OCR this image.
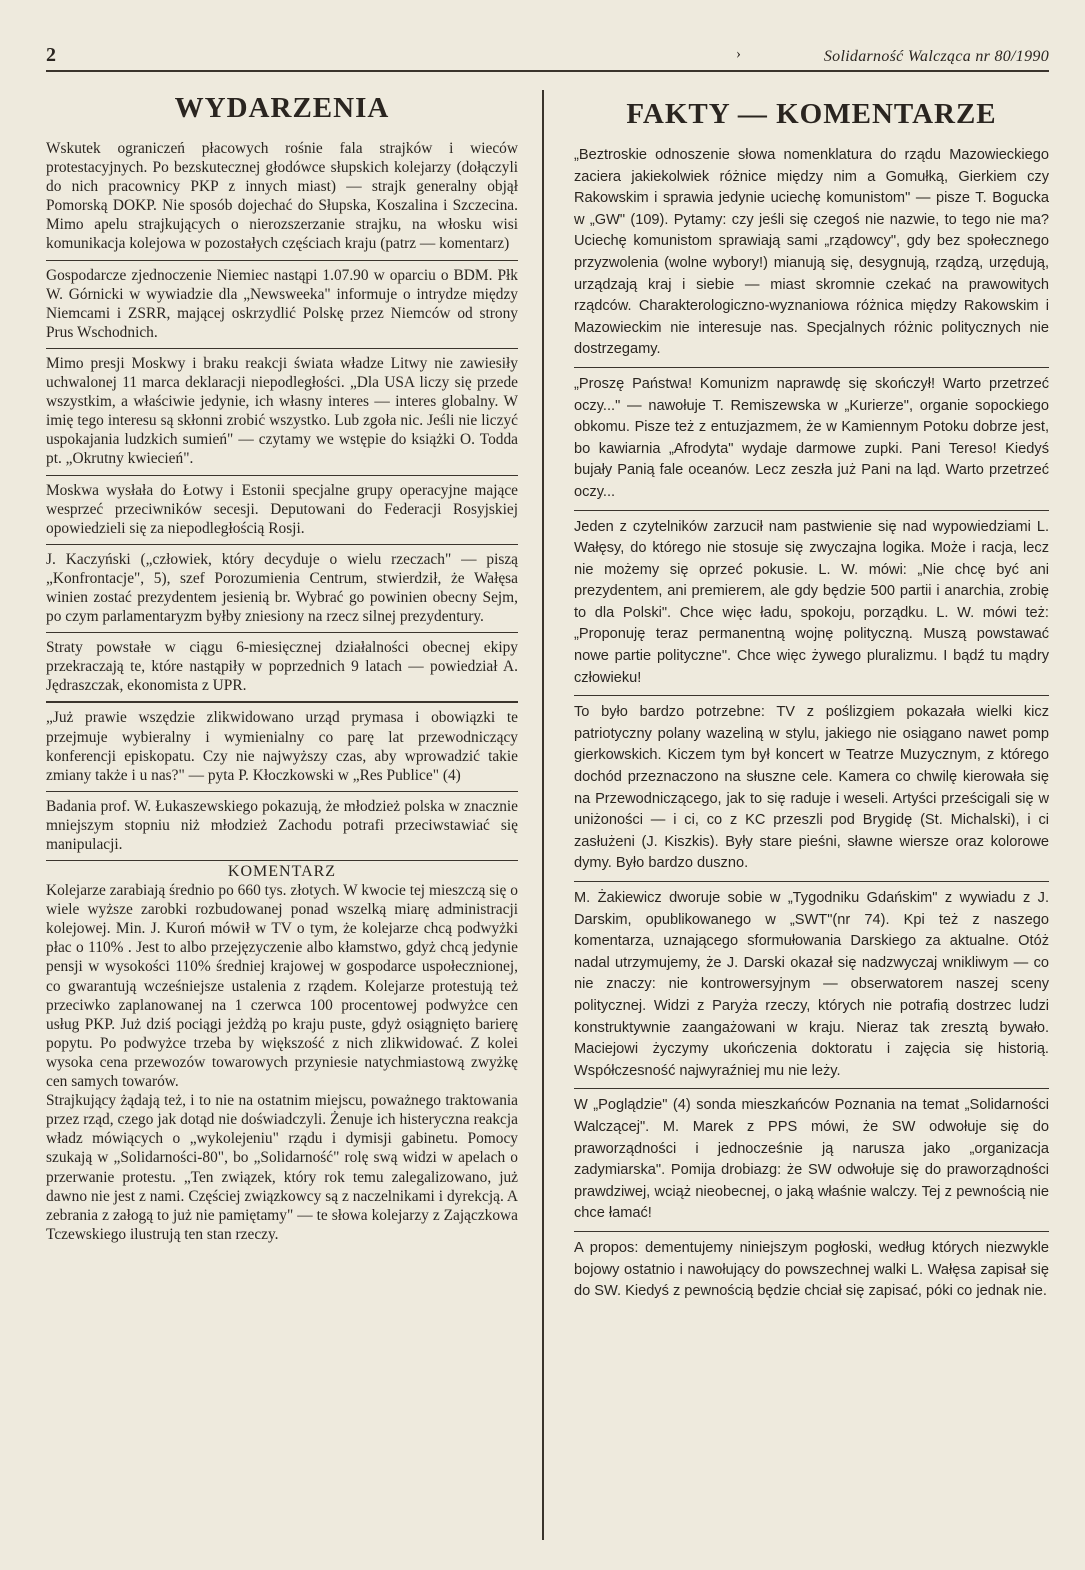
2	›	Solidarność Walcząca nr 80/1990
WYDARZENIA

Wskutek ograniczeń płacowych rośnie fala strajków i wieców protestacyjnych. Po bezskutecznej głodówce słupskich kolejarzy (dołączyli do nich pracownicy PKP z innych miast) — strajk generalny objął Pomorską DOKP. Nie sposób dojechać do Słupska, Koszalina i Szczecina. Mimo apelu strajkujących o nierozszerzanie strajku, na włosku wisi komunikacja kolejowa w pozostałych częściach kraju (patrz — komentarz)

Gospodarcze zjednoczenie Niemiec nastąpi 1.07.90 w oparciu o BDM. Płk W. Górnicki w wywiadzie dla „Newsweeka" informuje o intrydze między Niemcami i ZSRR, mającej oskrzydlić Polskę przez Niemców od strony Prus Wschodnich.

Mimo presji Moskwy i braku reakcji świata władze Litwy nie zawiesiły uchwalonej 11 marca deklaracji niepodległości. „Dla USA liczy się przede wszystkim, a właściwie jedynie, ich własny interes — interes globalny. W imię tego interesu są skłonni zrobić wszystko. Lub zgoła nic. Jeśli nie liczyć uspokajania ludzkich sumień" — czytamy we wstępie do książki O. Todda pt. „Okrutny kwiecień".

Moskwa wysłała do Łotwy i Estonii specjalne grupy operacyjne mające wesprzeć przeciwników secesji. Deputowani do Federacji Rosyjskiej opowiedzieli się za niepodległością Rosji.

J. Kaczyński („człowiek, który decyduje o wielu rzeczach" — piszą „Konfrontacje", 5), szef Porozumienia Centrum, stwierdził, że Wałęsa winien zostać prezydentem jesienią br. Wybrać go powinien obecny Sejm, po czym parlamentaryzm byłby zniesiony na rzecz silnej prezydentury.

Straty powstałe w ciągu 6-miesięcznej działalności obecnej ekipy przekraczają te, które nastąpiły w poprzednich 9 latach — powiedział A. Jędraszczak, ekonomista z UPR.

„Już prawie wszędzie zlikwidowano urząd prymasa i obowiązki te przejmuje wybieralny i wymienialny co parę lat przewodniczący konferencji episkopatu. Czy nie najwyższy czas, aby wprowadzić takie zmiany także i u nas?" — pyta P. Kłoczkowski w „Res Publice" (4)

Badania prof. W. Łukaszewskiego pokazują, że młodzież polska w znacznie mniejszym stopniu niż młodzież Zachodu potrafi przeciwstawiać się manipulacji.

KOMENTARZ

Kolejarze zarabiają średnio po 660 tys. złotych. W kwocie tej mieszczą się o wiele wyższe zarobki rozbudowanej ponad wszelką miarę administracji kolejowej. Min. J. Kuroń mówił w TV o tym, że kolejarze chcą podwyżki płac o 110% . Jest to albo przejęzyczenie albo kłamstwo, gdyż chcą jedynie pensji w wysokości 110% średniej krajowej w gospodarce uspołecznionej, co gwarantują wcześniejsze ustalenia z rządem. Kolejarze protestują też przeciwko zaplanowanej na 1 czerwca 100 procentowej podwyżce cen usług PKP. Już dziś pociągi jeżdżą po kraju puste, gdyż osiągnięto barierę popytu. Po podwyżce trzeba by większość z nich zlikwidować. Z kolei wysoka cena przewozów towarowych przyniesie natychmiastową zwyżkę cen samych towarów.

Strajkujący żądają też, i to nie na ostatnim miejscu, poważnego traktowania przez rząd, czego jak dotąd nie doświadczyli. Żenuje ich histeryczna reakcja władz mówiących o „wykolejeniu" rządu i dymisji gabinetu. Pomocy szukają w „Solidarności-80", bo „Solidarność" rolę swą widzi w apelach o przerwanie protestu. „Ten związek, który rok temu zalegalizowano, już dawno nie jest z nami. Częściej związkowcy są z naczelnikami i dyrekcją. A zebrania z załogą to już nie pamiętamy" — te słowa kolejarzy z Zajączkowa Tczewskiego ilustrują ten stan rzeczy.

FAKTY — KOMENTARZE

„Beztroskie odnoszenie słowa nomenklatura do rządu Mazowieckiego zaciera jakiekolwiek różnice między nim a Gomułką, Gierkiem czy Rakowskim i sprawia jedynie uciechę komunistom" — pisze T. Bogucka w „GW" (109). Pytamy: czy jeśli się czegoś nie nazwie, to tego nie ma? Uciechę komunistom sprawiają sami „rządowcy", gdy bez społecznego przyzwolenia (wolne wybory!) mianują się, desygnują, rządzą, urzędują, urządzają kraj i siebie — miast skromnie czekać na prawowitych rządców. Charakterologiczno-wyznaniowa różnica między Rakowskim i Mazowieckim nie interesuje nas. Specjalnych różnic politycznych nie dostrzegamy.

„Proszę Państwa! Komunizm naprawdę się skończył! Warto przetrzeć oczy..." — nawołuje T. Remiszewska w „Kurierze", organie sopockiego obkomu. Pisze też z entuzjazmem, że w Kamiennym Potoku dobrze jest, bo kawiarnia „Afrodyta" wydaje darmowe zupki. Pani Tereso! Kiedyś bujały Panią fale oceanów. Lecz zeszła już Pani na ląd. Warto przetrzeć oczy...

Jeden z czytelników zarzucił nam pastwienie się nad wypowiedziami L. Wałęsy, do którego nie stosuje się zwyczajna logika. Może i racja, lecz nie możemy się oprzeć pokusie. L. W. mówi: „Nie chcę być ani prezydentem, ani premierem, ale gdy będzie 500 partii i anarchia, zrobię to dla Polski". Chce więc ładu, spokoju, porządku. L. W. mówi też: „Proponuję teraz permanentną wojnę polityczną. Muszą powstawać nowe partie polityczne". Chce więc żywego pluralizmu. I bądź tu mądry człowieku!

To było bardzo potrzebne: TV z poślizgiem pokazała wielki kicz patriotyczny polany wazeliną w stylu, jakiego nie osiągano nawet pomp gierkowskich. Kiczem tym był koncert w Teatrze Muzycznym, z którego dochód przeznaczono na słuszne cele. Kamera co chwilę kierowała się na Przewodniczącego, jak to się raduje i weseli. Artyści prześcigali się w uniżoności — i ci, co z KC przeszli pod Brygidę (St. Michalski), i ci zasłużeni (J. Kiszkis). Były stare pieśni, sławne wiersze oraz kolorowe dymy. Było bardzo duszno.

M. Żakiewicz dworuje sobie w „Tygodniku Gdańskim" z wywiadu z J. Darskim, opublikowanego w „SWT"(nr 74). Kpi też z naszego komentarza, uznającego sformułowania Darskiego za aktualne. Otóż nadal utrzymujemy, że J. Darski okazał się nadzwyczaj wnikliwym — co nie znaczy: nie kontrowersyjnym — obserwatorem naszej sceny politycznej. Widzi z Paryża rzeczy, których nie potrafią dostrzec ludzi konstruktywnie zaangażowani w kraju. Nieraz tak zresztą bywało. Maciejowi życzymy ukończenia doktoratu i zajęcia się historią. Współczesność najwyraźniej mu nie leży.

W „Poglądzie" (4) sonda mieszkańców Poznania na temat „Solidarności Walczącej". M. Marek z PPS mówi, że SW odwołuje się do praworządności i jednocześnie ją narusza jako „organizacja zadymiarska". Pomija drobiazg: że SW odwołuje się do praworządności prawdziwej, wciąż nieobecnej, o jaką właśnie walczy. Tej z pewnością nie chce łamać!

A propos: dementujemy niniejszym pogłoski, według których niezwykle bojowy ostatnio i nawołujący do powszechnej walki L. Wałęsa zapisał się do SW. Kiedyś z pewnością będzie chciał się zapisać, póki co jednak nie.
